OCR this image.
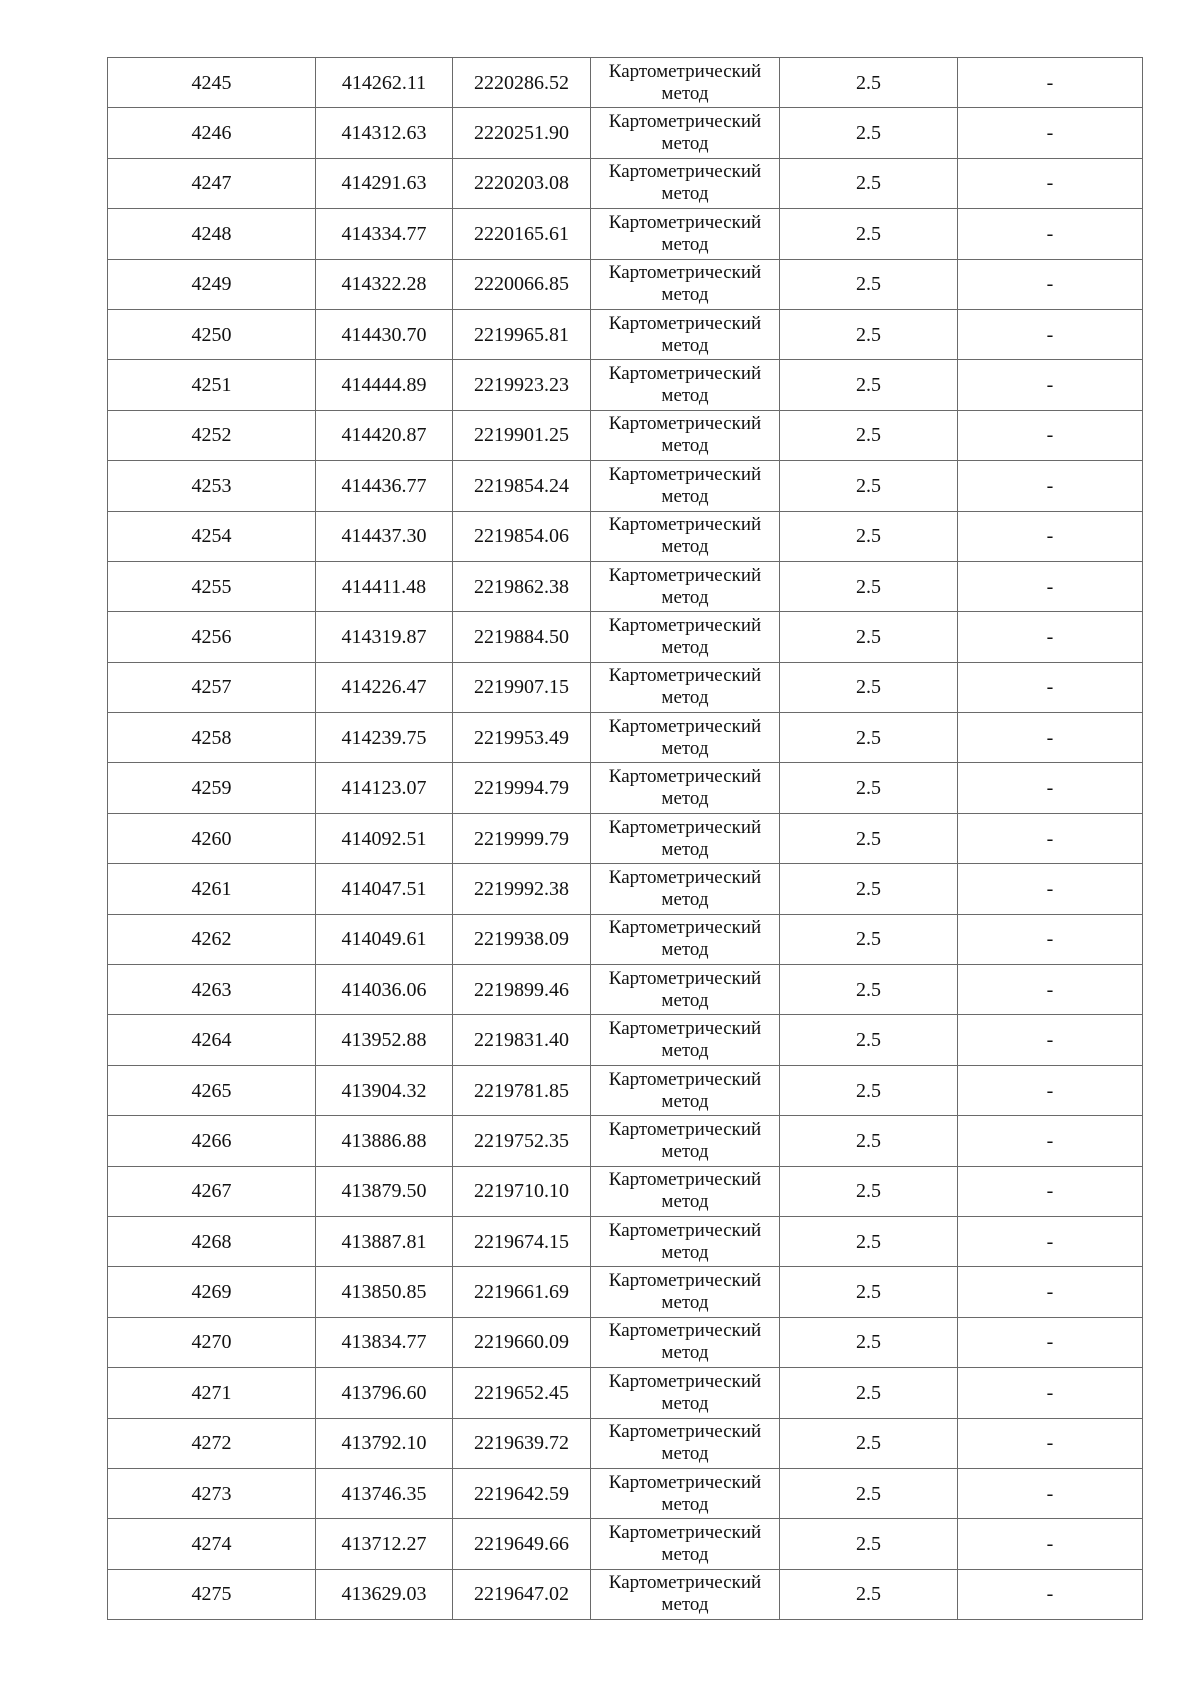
4245	414262.11	2220286.52	Картометрический
метод	2.5	-
4246	414312.63	2220251.90	Картометрический
метод	2.5	-
4247	414291.63	2220203.08	Картометрический
метод	2.5	-
4248	414334.77	2220165.61	Картометрический
метод	2.5	-
4249	414322.28	2220066.85	Картометрический
метод	2.5	-
4250	414430.70	2219965.81	Картометрический
метод	2.5	-
4251	414444.89	2219923.23	Картометрический
метод	2.5	-
4252	414420.87	2219901.25	Картометрический
метод	2.5	-
4253	414436.77	2219854.24	Картометрический
метод	2.5	-
4254	414437.30	2219854.06	Картометрический
метод	2.5	-
4255	414411.48	2219862.38	Картометрический
метод	2.5	-
4256	414319.87	2219884.50	Картометрический
метод	2.5	-
4257	414226.47	2219907.15	Картометрический
метод	2.5	-
4258	414239.75	2219953.49	Картометрический
метод	2.5	-
4259	414123.07	2219994.79	Картометрический
метод	2.5	-
4260	414092.51	2219999.79	Картометрический
метод	2.5	-
4261	414047.51	2219992.38	Картометрический
метод	2.5	-
4262	414049.61	2219938.09	Картометрический
метод	2.5	-
4263	414036.06	2219899.46	Картометрический
метод	2.5	-
4264	413952.88	2219831.40	Картометрический
метод	2.5	-
4265	413904.32	2219781.85	Картометрический
метод	2.5	-
4266	413886.88	2219752.35	Картометрический
метод	2.5	-
4267	413879.50	2219710.10	Картометрический
метод	2.5	-
4268	413887.81	2219674.15	Картометрический
метод	2.5	-
4269	413850.85	2219661.69	Картометрический
метод	2.5	-
4270	413834.77	2219660.09	Картометрический
метод	2.5	-
4271	413796.60	2219652.45	Картометрический
метод	2.5	-
4272	413792.10	2219639.72	Картометрический
метод	2.5	-
4273	413746.35	2219642.59	Картометрический
метод	2.5	-
4274	413712.27	2219649.66	Картометрический
метод	2.5	-
4275	413629.03	2219647.02	Картометрический
метод	2.5	-
